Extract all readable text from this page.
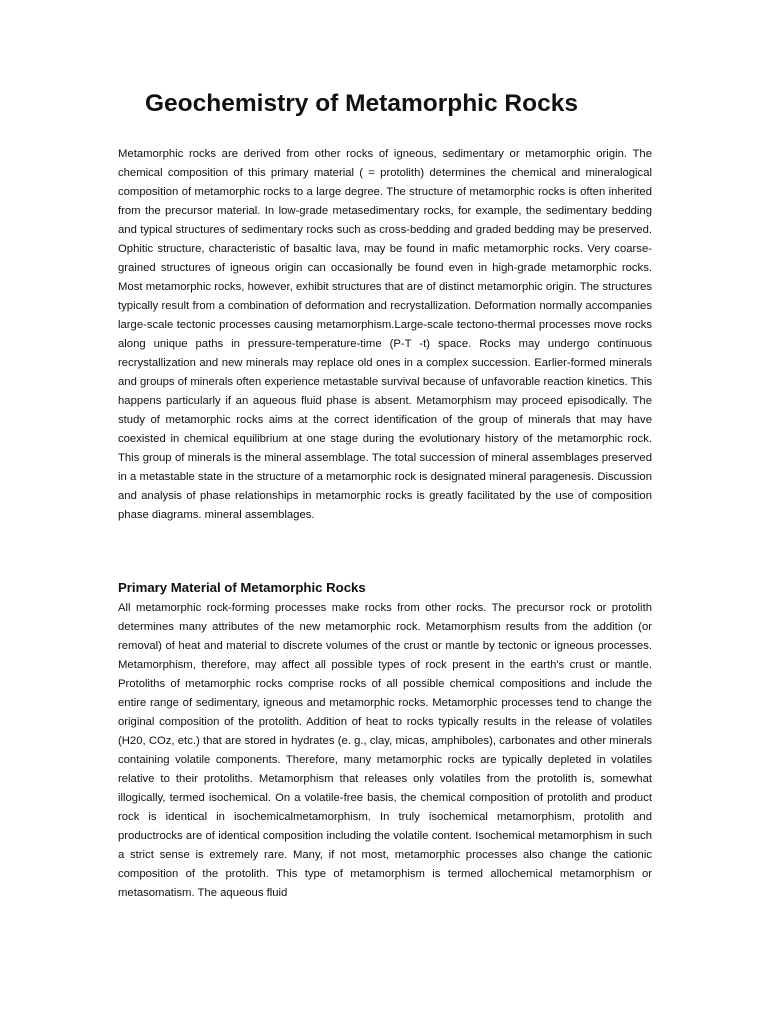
Geochemistry of Metamorphic Rocks

Metamorphic rocks are derived from other rocks of igneous, sedimentary or metamorphic origin. The chemical composition of this primary material ( = protolith) determines the chemical and mineralogical composition of metamorphic rocks to a large degree. The structure of metamorphic rocks is often inherited from the precursor material. In low-grade metasedimentary rocks, for example, the sedimentary bedding and typical structures of sedimentary rocks such as cross-bedding and graded bedding may be preserved. Ophitic structure, characteristic of basaltic lava, may be found in mafic metamorphic rocks. Very coarse-grained structures of igneous origin can occasionally be found even in high-grade metamorphic rocks. Most metamorphic rocks, however, exhibit structures that are of distinct metamorphic origin. The structures typically result from a combination of deformation and recrystallization. Deformation normally accompanies large-scale tectonic processes causing metamorphism.Large-scale tectono-thermal processes move rocks along unique paths in pressure-temperature-time (P-T -t) space. Rocks may undergo continuous recrystallization and new minerals may replace old ones in a complex succession. Earlier-formed minerals and groups of minerals often experience metastable survival because of unfavorable reaction kinetics. This happens particularly if an aqueous fluid phase is absent. Metamorphism may proceed episodically. The study of metamorphic rocks aims at the correct identification of the group of minerals that may have coexisted in chemical equilibrium at one stage during the evolutionary history of the metamorphic rock. This group of minerals is the mineral assemblage. The total succession of mineral assemblages preserved in a metastable state in the structure of a metamorphic rock is designated mineral paragenesis. Discussion and analysis of phase relationships in metamorphic rocks is greatly facilitated by the use of composition phase diagrams. mineral assemblages.

Primary Material of Metamorphic Rocks

All metamorphic rock-forming processes make rocks from other rocks. The precursor rock or protolith determines many attributes of the new metamorphic rock. Metamorphism results from the addition (or removal) of heat and material to discrete volumes of the crust or mantle by tectonic or igneous processes. Metamorphism, therefore, may affect all possible types of rock present in the earth's crust or mantle. Protoliths of metamorphic rocks comprise rocks of all possible chemical compositions and include the entire range of sedimentary, igneous and metamorphic rocks. Metamorphic processes tend to change the original composition of the protolith. Addition of heat to rocks typically results in the release of volatiles (H20, COz, etc.) that are stored in hydrates (e. g., clay, micas, amphiboles), carbonates and other minerals containing volatile components. Therefore, many metamorphic rocks are typically depleted in volatiles relative to their protoliths. Metamorphism that releases only volatiles from the protolith is, somewhat illogically, termed isochemical. On a volatile-free basis, the chemical composition of protolith and product rock is identical in isochemicalmetamorphism. In truly isochemical metamorphism, protolith and productrocks are of identical composition including the volatile content. Isochemical metamorphism in such a strict sense is extremely rare. Many, if not most, metamorphic processes also change the cationic composition of the protolith. This type of metamorphism is termed allochemical metamorphism or metasomatism. The aqueous fluid
